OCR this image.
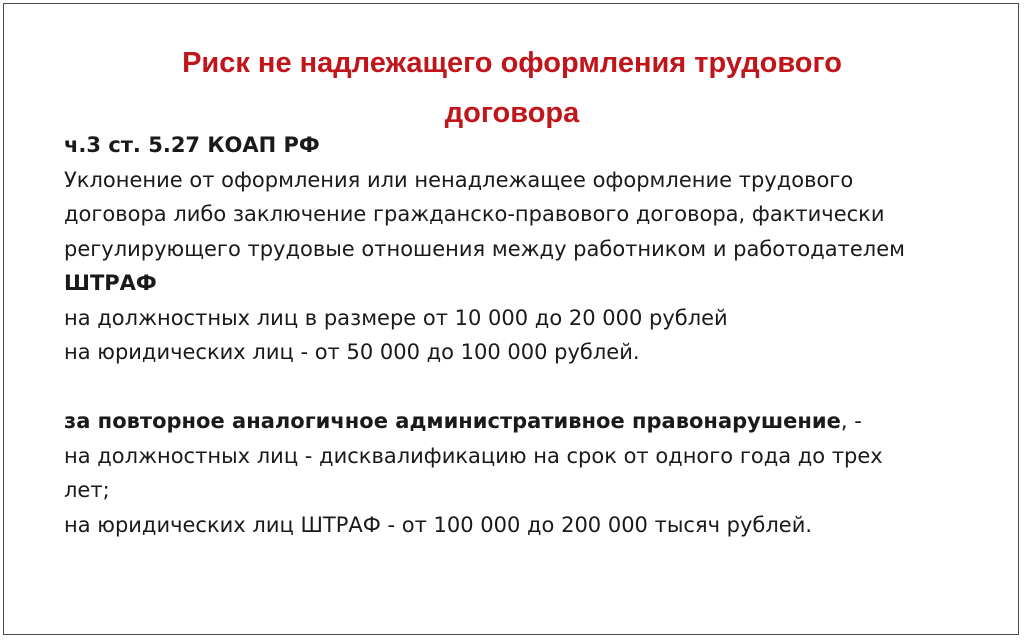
Риск не надлежащего оформления трудового
договора
ч.3 ст. 5.27 КОАП РФ
Уклонение от оформления или ненадлежащее оформление трудового
договора либо заключение гражданско-правового договора, фактически
регулирующего трудовые отношения между работником и работодателем
ШТРАФ
на должностных лиц в размере от 10 000 до 20 000 рублей
на юридических лиц - от 50 000 до 100 000 рублей.
за повторное аналогичное административное правонарушение, -
на должностных лиц - дисквалификацию на срок от одного года до трех
лет;
на юридических лиц ШТРАФ - от 100 000 до 200 000 тысяч рублей.
